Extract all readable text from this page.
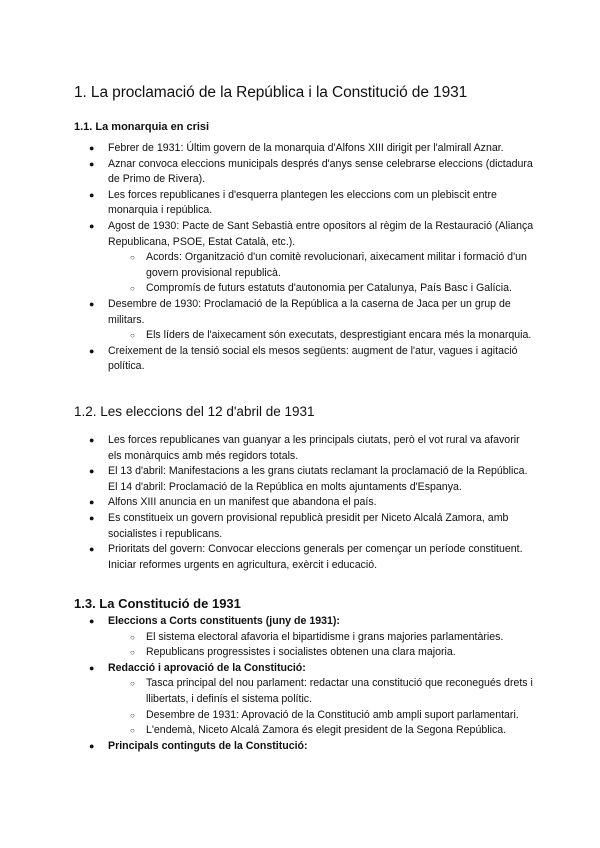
1. La proclamació de la República i la Constitució de 1931
1.1. La monarquia en crisi
● Febrer de 1931: Últim govern de la monarquia d'Alfons XIII dirigit per l'almirall Aznar.
● Aznar convoca eleccions municipals després d'anys sense celebrarse eleccions (dictadura de Primo de Rivera).
● Les forces republicanes i d'esquerra plantegen les eleccions com un plebiscit entre monarquia i república.
● Agost de 1930: Pacte de Sant Sebastià entre opositors al règim de la Restauració (Aliança Republicana, PSOE, Estat Català, etc.).
○ Acords: Organització d'un comitè revolucionari, aixecament militar i formació d'un govern provisional republicà.
○ Compromís de futurs estatuts d'autonomia per Catalunya, País Basc i Galícia.
● Desembre de 1930: Proclamació de la República a la caserna de Jaca per un grup de militars.
○ Els líders de l'aixecament són executats, desprestigiant encara més la monarquia.
● Creixement de la tensió social els mesos següents: augment de l'atur, vagues i agitació política.
1.2. Les eleccions del 12 d'abril de 1931
● Les forces republicanes van guanyar a les principals ciutats, però el vot rural va afavorir els monàrquics amb més regidors totals.
● El 13 d'abril: Manifestacions a les grans ciutats reclamant la proclamació de la República. El 14 d'abril: Proclamació de la República en molts ajuntaments d'Espanya.
● Alfons XIII anuncia en un manifest que abandona el país.
● Es constitueix un govern provisional republicà presidit per Niceto Alcalá Zamora, amb socialistes i republicans.
● Prioritats del govern: Convocar eleccions generals per començar un període constituent. Iniciar reformes urgents en agricultura, exèrcit i educació.
1.3. La Constitució de 1931
● Eleccions a Corts constituents (juny de 1931):
○ El sistema electoral afavoria el bipartidisme i grans majories parlamentàries.
○ Republicans progressistes i socialistes obtenen una clara majoria.
● Redacció i aprovació de la Constitució:
○ Tasca principal del nou parlament: redactar una constitució que reconegués drets i llibertats, i definís el sistema polític.
○ Desembre de 1931: Aprovació de la Constitució amb ampli suport parlamentari.
○ L'endemà, Niceto Alcalá Zamora és elegit president de la Segona República.
● Principals continguts de la Constitució:
